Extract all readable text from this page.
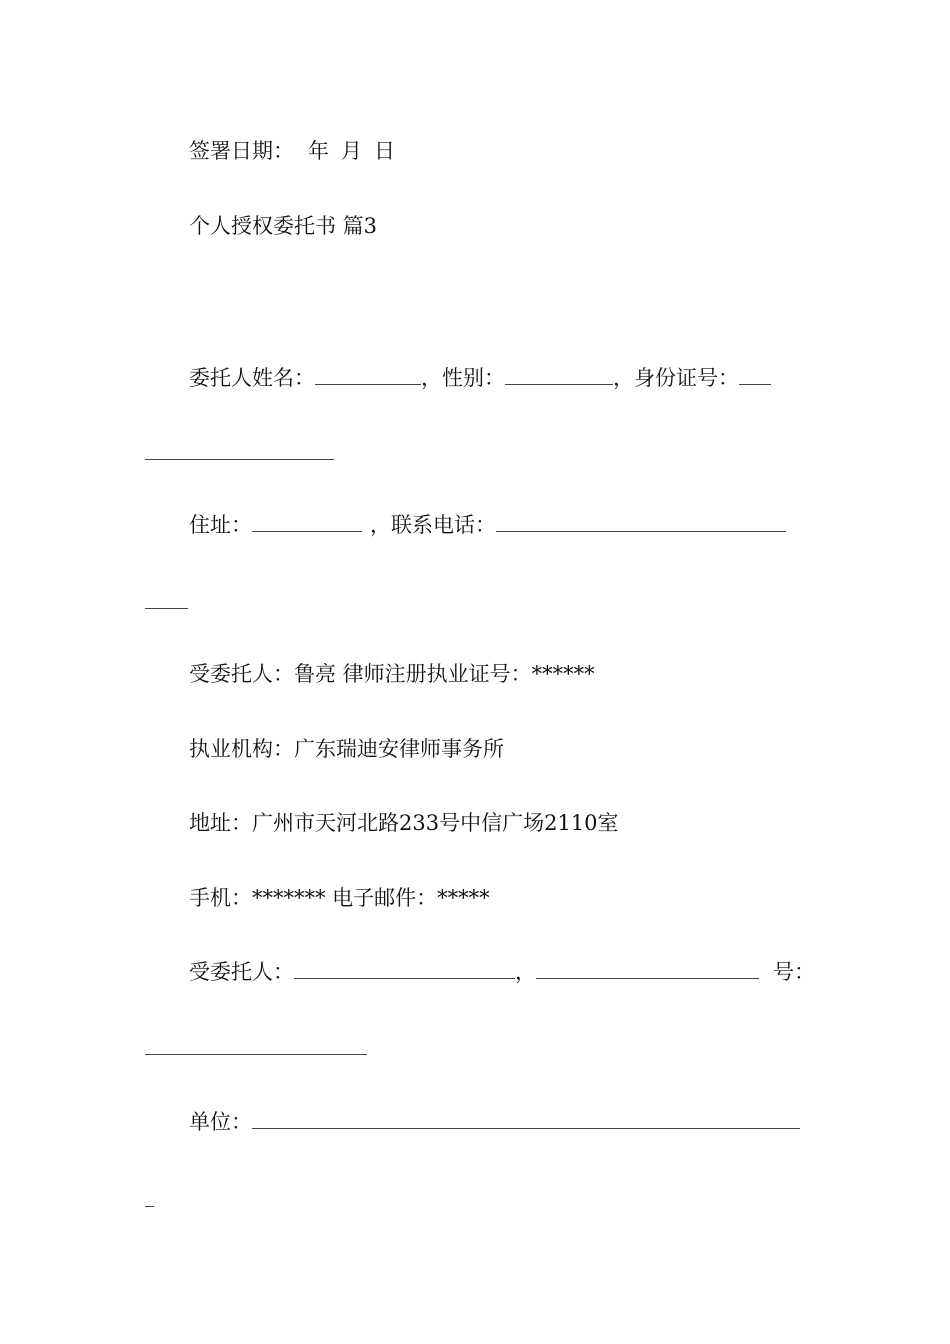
签署日期： 年 月 日
个人授权委托书 篇3
委托人姓名：	，性别：	，身份证号：
住址：	，联系电话：
受委托人：鲁亮 律师注册执业证号：******
执业机构：广东瑞迪安律师事务所
地址：广州市天河北路233号中信广场2110室
手机：******* 电子邮件：*****
受委托人：	，	号：
单位：
